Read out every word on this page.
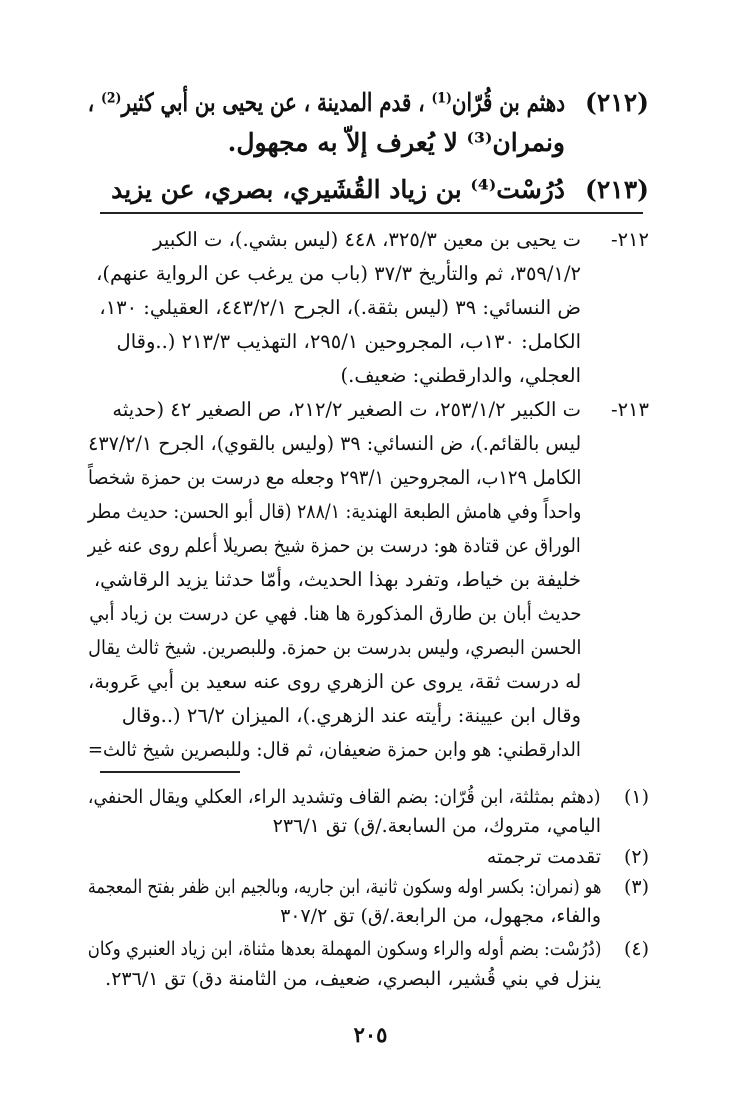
(٢١٢)
دهثم بن قُرّان⁽¹⁾ ، قدم المدينة ، عن يحيى بن أبي كثير⁽²⁾ ،
ونمران⁽³⁾ لا يُعرف إلاّ به مجهول.
(٢١٣)
دُرُسْت⁽⁴⁾ بن زياد القُشَيري، بصري، عن يزيد
٢١٢-
ت يحيى بن معين ٣٢٥/٣، ٤٤٨ (ليس بشي.)، ت الكبير
٣٥٩/١/٢، ثم والتأريخ ٣٧/٣ (باب من يرغب عن الرواية عنهم)،
ض النسائي: ٣٩ (ليس بثقة.)، الجرح ٤٤٣/٢/١، العقيلي: ١٣٠،
الكامل: ١٣٠ب، المجروحين ٢٩٥/١، التهذيب ٢١٣/٣ (..وقال
العجلي، والدارقطني: ضعيف.)
٢١٣-
ت الكبير ٢٥٣/١/٢، ت الصغير ٢١٢/٢، ص الصغير ٤٢ (حديثه
ليس بالقائم.)، ض النسائي: ٣٩ (وليس بالقوي)، الجرح ٤٣٧/٢/١
الكامل ١٢٩ب، المجروحين ٢٩٣/١ وجعله مع درست بن حمزة شخصاً
واحداً وفي هامش الطبعة الهندية: ٢٨٨/١ (قال أبو الحسن: حديث مطر
الوراق عن قتادة هو: درست بن حمزة شيخ بصريلا أعلم روى عنه غير
خليفة بن خياط، وتفرد بهذا الحديث، وأمّا حدثنا يزيد الرقاشي،
حديث أبان بن طارق المذكورة ها هنا. فهي عن درست بن زياد أبي
الحسن البصري، وليس بدرست بن حمزة. وللبصرين. شيخ ثالث يقال
له درست ثقة، يروى عن الزهري روى عنه سعيد بن أبي عَروبة،
وقال ابن عيينة: رأيته عند الزهري.)، الميزان ٢٦/٢ (..وقال
الدارقطني: هو وابن حمزة ضعيفان، ثم قال: وللبصرين شيخ ثالث=
(١)
(دهثم بمثلثة، ابن قُرّان: بضم القاف وتشديد الراء، العكلي ويقال الحنفي،
اليامي، متروك، من السابعة./ق) تق ٢٣٦/١
(٢)
تقدمت ترجمته
(٣)
هو (نمران: بكسر اوله وسكون ثانية، ابن جاريه، وبالجيم ابن ظفر بفتح المعجمة
والفاء، مجهول، من الرابعة./ق) تق ٣٠٧/٢
(٤)
(دُرُسْت: بضم أوله والراء وسكون المهملة بعدها مثناة، ابن زياد العنبري وكان
ينزل في بني قُشير، البصري، ضعيف، من الثامنة دق) تق ٢٣٦/١.
٢٠٥
